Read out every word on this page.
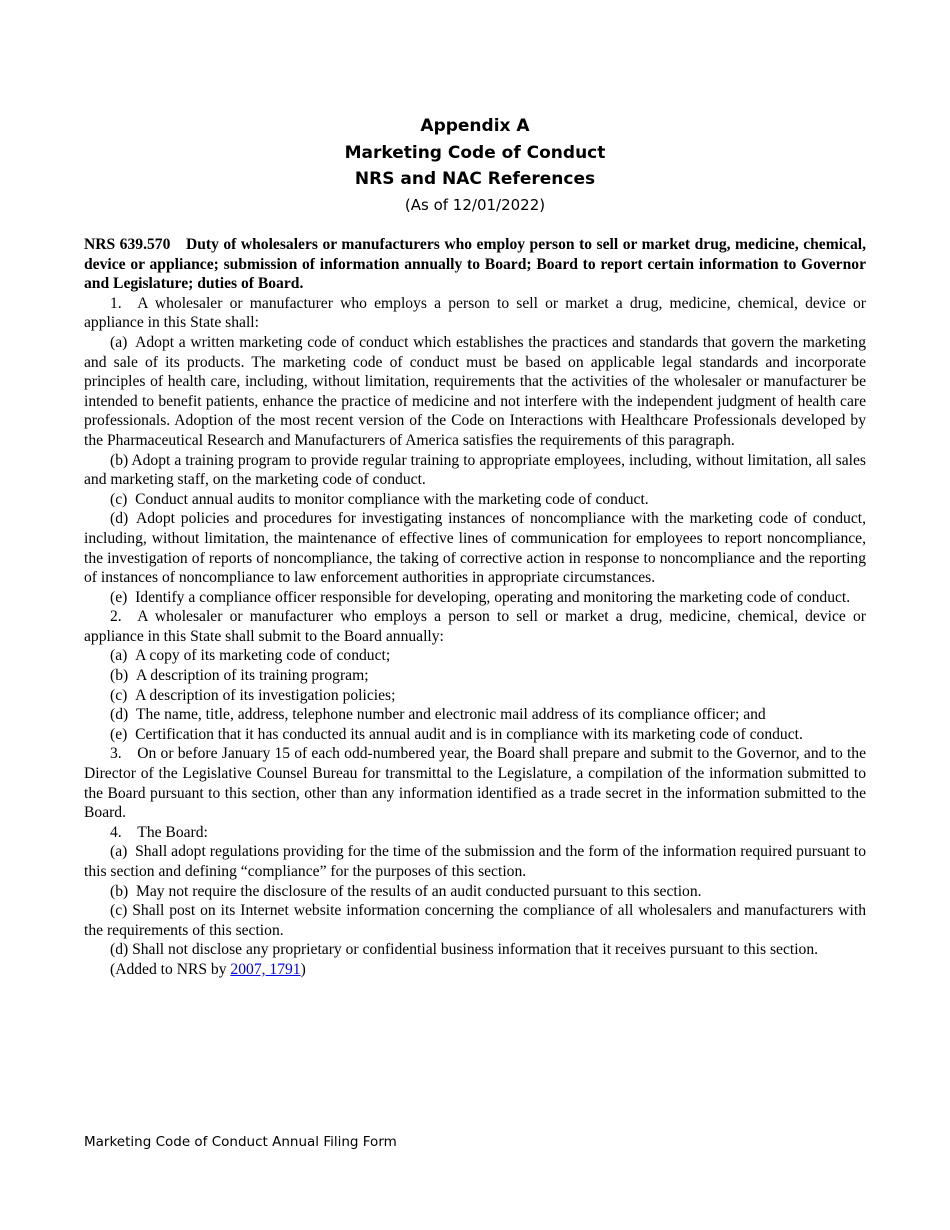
Appendix A
Marketing Code of Conduct
NRS and NAC References
(As of 12/01/2022)

NRS 639.570   Duty of wholesalers or manufacturers who employ person to sell or market drug, medicine, chemical, device or appliance; submission of information annually to Board; Board to report certain information to Governor and Legislature; duties of Board.

1. A wholesaler or manufacturer who employs a person to sell or market a drug, medicine, chemical, device or appliance in this State shall:

(a) Adopt a written marketing code of conduct which establishes the practices and standards that govern the marketing and sale of its products. The marketing code of conduct must be based on applicable legal standards and incorporate principles of health care, including, without limitation, requirements that the activities of the wholesaler or manufacturer be intended to benefit patients, enhance the practice of medicine and not interfere with the independent judgment of health care professionals. Adoption of the most recent version of the Code on Interactions with Healthcare Professionals developed by the Pharmaceutical Research and Manufacturers of America satisfies the requirements of this paragraph.

(b) Adopt a training program to provide regular training to appropriate employees, including, without limitation, all sales and marketing staff, on the marketing code of conduct.

(c) Conduct annual audits to monitor compliance with the marketing code of conduct.

(d) Adopt policies and procedures for investigating instances of noncompliance with the marketing code of conduct, including, without limitation, the maintenance of effective lines of communication for employees to report noncompliance, the investigation of reports of noncompliance, the taking of corrective action in response to noncompliance and the reporting of instances of noncompliance to law enforcement authorities in appropriate circumstances.

(e) Identify a compliance officer responsible for developing, operating and monitoring the marketing code of conduct.

2. A wholesaler or manufacturer who employs a person to sell or market a drug, medicine, chemical, device or appliance in this State shall submit to the Board annually:

(a) A copy of its marketing code of conduct;

(b) A description of its training program;

(c) A description of its investigation policies;

(d) The name, title, address, telephone number and electronic mail address of its compliance officer; and

(e) Certification that it has conducted its annual audit and is in compliance with its marketing code of conduct.

3. On or before January 15 of each odd-numbered year, the Board shall prepare and submit to the Governor, and to the Director of the Legislative Counsel Bureau for transmittal to the Legislature, a compilation of the information submitted to the Board pursuant to this section, other than any information identified as a trade secret in the information submitted to the Board.

4. The Board:

(a) Shall adopt regulations providing for the time of the submission and the form of the information required pursuant to this section and defining “compliance” for the purposes of this section.

(b) May not require the disclosure of the results of an audit conducted pursuant to this section.

(c) Shall post on its Internet website information concerning the compliance of all wholesalers and manufacturers with the requirements of this section.

(d) Shall not disclose any proprietary or confidential business information that it receives pursuant to this section.

(Added to NRS by 2007, 1791)

Marketing Code of Conduct Annual Filing Form
